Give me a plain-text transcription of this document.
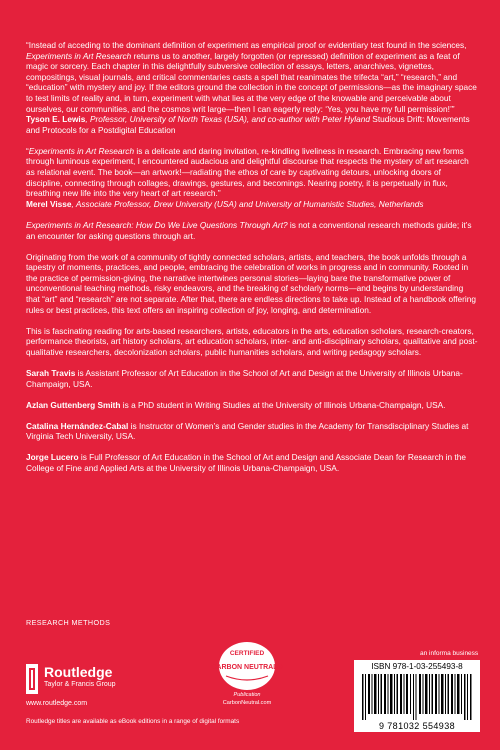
“Instead of acceding to the dominant definition of experiment as empirical proof or evidentiary test found in the sciences, Experiments in Art Research returns us to another, largely forgotten (or repressed) definition of experiment as a feat of magic or sorcery. Each chapter in this delightfully subversive collection of essays, letters, anarchives, vignettes, compositings, visual journals, and critical commentaries casts a spell that reanimates the trifecta “art,” “research,” and “education” with mystery and joy. If the editors ground the collection in the concept of permissions—as the imaginary space to test limits of reality and, in turn, experiment with what lies at the very edge of the knowable and perceivable about ourselves, our communities, and the cosmos writ large—then I can eagerly reply: ‘Yes, you have my full permission!’”
Tyson E. Lewis, Professor, University of North Texas (USA), and co-author with Peter Hyland Studious Drift: Movements and Protocols for a Postdigital Education

“Experiments in Art Research is a delicate and daring invitation, re-kindling liveliness in research. Embracing new forms through luminous experiment, I encountered audacious and delightful discourse that respects the mystery of art research as relational event. The book—an artwork!—radiating the ethos of care by captivating detours, unlocking doors of discipline, connecting through collages, drawings, gestures, and becomings. Nearing poetry, it is perpetually in flux, breathing new life into the very heart of art research.”
Merel Visse, Associate Professor, Drew University (USA) and University of Humanistic Studies, Netherlands

Experiments in Art Research: How Do We Live Questions Through Art? is not a conventional research methods guide; it’s an encounter for asking questions through art.

Originating from the work of a community of tightly connected scholars, artists, and teachers, the book unfolds through a tapestry of moments, practices, and people, embracing the celebration of works in progress and in community. Rooted in the practice of permission-giving, the narrative intertwines personal stories—laying bare the transformative power of unconventional teaching methods, risky endeavors, and the breaking of scholarly norms—and begins by understanding that “art” and “research” are not separate. After that, there are endless directions to take up. Instead of a handbook offering rules or best practices, this text offers an inspiring collection of joy, longing, and determination.

This is fascinating reading for arts-based researchers, artists, educators in the arts, education scholars, research-creators, performance theorists, art history scholars, art education scholars, inter- and anti-disciplinary scholars, qualitative and post-qualitative researchers, decolonization scholars, public humanities scholars, and writing pedagogy scholars.

Sarah Travis is Assistant Professor of Art Education in the School of Art and Design at the University of Illinois Urbana-Champaign, USA.

Azlan Guttenberg Smith is a PhD student in Writing Studies at the University of Illinois Urbana-Champaign, USA.

Catalina Hernández-Cabal is Instructor of Women’s and Gender studies in the Academy for Transdisciplinary Studies at Virginia Tech University, USA.

Jorge Lucero is Full Professor of Art Education in the School of Art and Design and Associate Dean for Research in the College of Fine and Applied Arts at the University of Illinois Urbana-Champaign, USA.

RESEARCH METHODS
Routledge
Taylor & Francis Group
www.routledge.com
Routledge titles are available as eBook editions in a range of digital formats
CERTIFIED
CARBON NEUTRAL®
Publication
CarbonNeutral.com
an informa business
ISBN 978-1-03-255493-8
9 781032 554938
